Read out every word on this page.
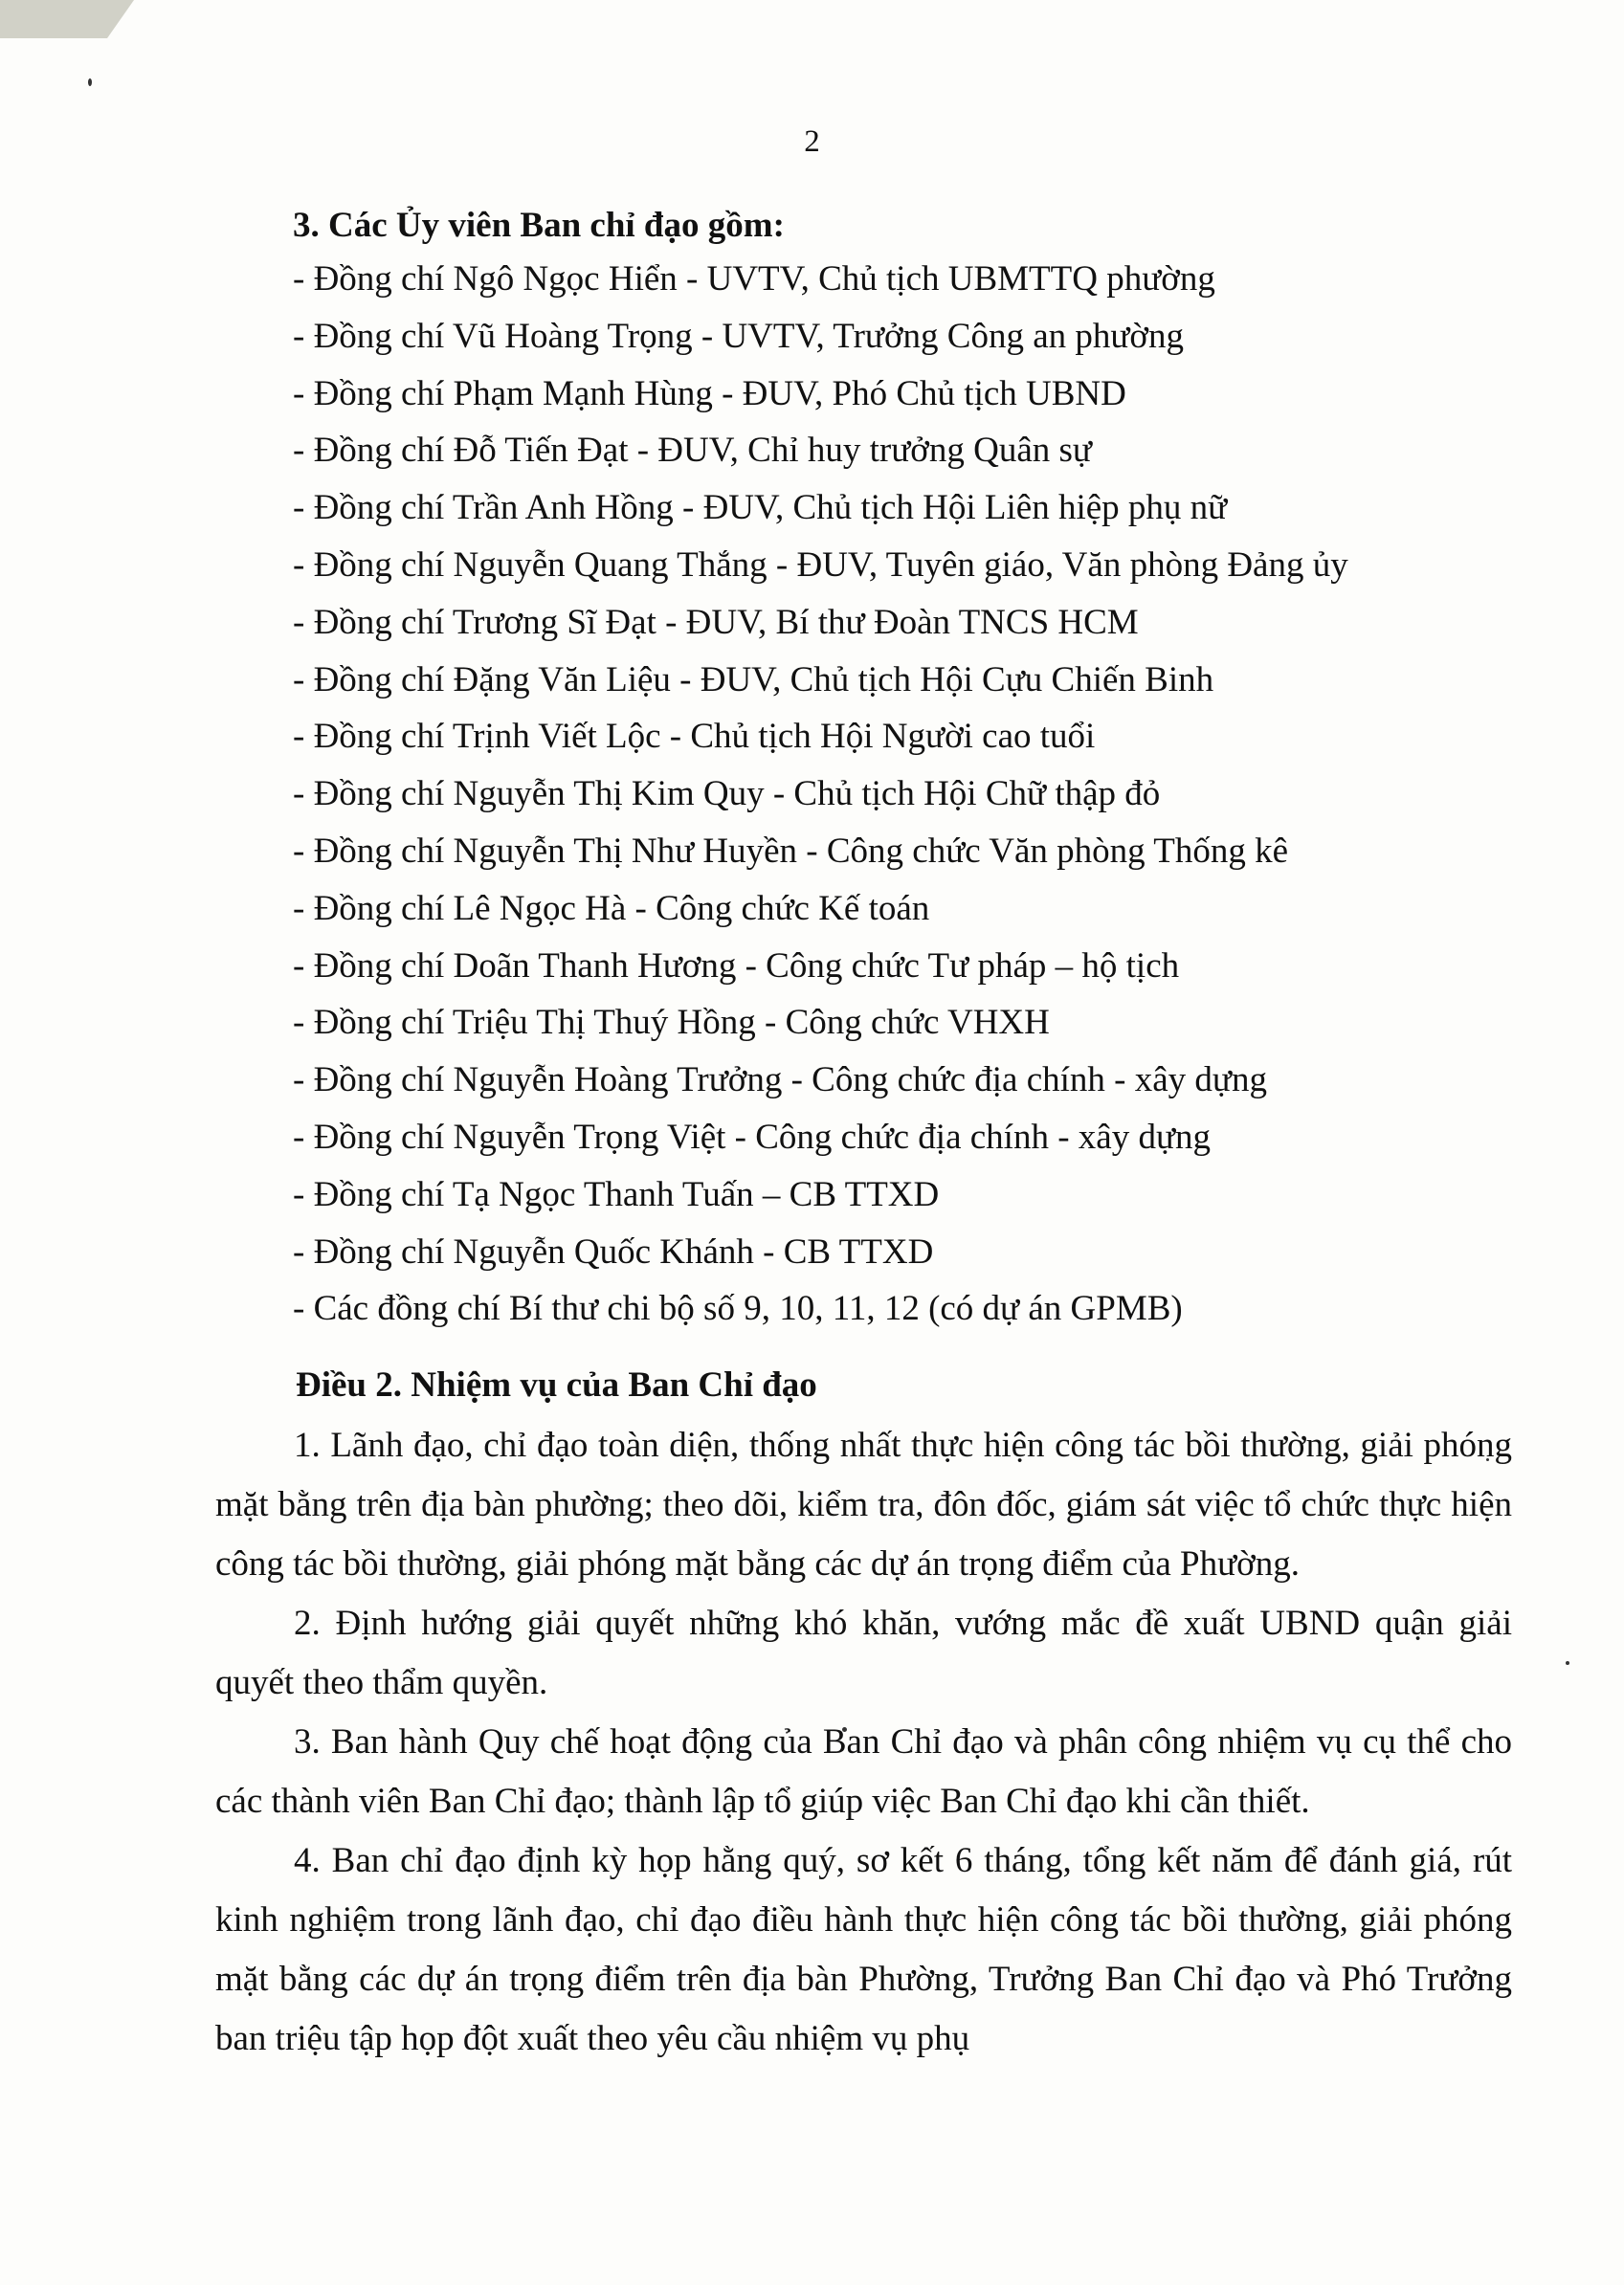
2
3. Các Ủy viên Ban chỉ đạo gồm:
- Đồng chí Ngô Ngọc Hiển - UVTV, Chủ tịch UBMTTQ phường
- Đồng chí Vũ Hoàng Trọng - UVTV, Trưởng Công an phường
- Đồng chí Phạm Mạnh Hùng - ĐUV, Phó Chủ tịch UBND
- Đồng chí Đỗ Tiến Đạt - ĐUV, Chỉ huy trưởng Quân sự
- Đồng chí Trần Anh Hồng - ĐUV, Chủ tịch Hội Liên hiệp phụ nữ
- Đồng chí Nguyễn Quang Thắng - ĐUV, Tuyên giáo, Văn phòng Đảng ủy
- Đồng chí Trương Sĩ Đạt - ĐUV, Bí thư Đoàn TNCS HCM
- Đồng chí Đặng Văn Liệu - ĐUV, Chủ tịch Hội Cựu Chiến Binh
- Đồng chí Trịnh Viết Lộc - Chủ tịch Hội Người cao tuổi
- Đồng chí Nguyễn Thị Kim Quy - Chủ tịch Hội Chữ thập đỏ
- Đồng chí Nguyễn Thị Như Huyền - Công chức Văn phòng Thống kê
- Đồng chí Lê Ngọc Hà - Công chức Kế toán
- Đồng chí Doãn Thanh Hương - Công chức Tư pháp – hộ tịch
- Đồng chí Triệu Thị Thuý Hồng - Công chức VHXH
- Đồng chí Nguyễn Hoàng Trưởng - Công chức địa chính - xây dựng
- Đồng chí Nguyễn Trọng Việt - Công chức địa chính - xây dựng
- Đồng chí Tạ Ngọc Thanh Tuấn – CB TTXD
- Đồng chí Nguyễn Quốc Khánh - CB TTXD
- Các đồng chí Bí thư chi bộ số 9, 10, 11, 12 (có dự án GPMB)
Điều 2. Nhiệm vụ của Ban Chỉ đạo

1. Lãnh đạo, chỉ đạo toàn diện, thống nhất thực hiện công tác bồi thường, giải phóng mặt bằng trên địa bàn phường; theo dõi, kiểm tra, đôn đốc, giám sát việc tổ chức thực hiện công tác bồi thường, giải phóng mặt bằng các dự án trọng điểm của Phường.

2. Định hướng giải quyết những khó khăn, vướng mắc đề xuất UBND quận giải quyết theo thẩm quyền.

3. Ban hành Quy chế hoạt động của Ban Chỉ đạo và phân công nhiệm vụ cụ thể cho các thành viên Ban Chỉ đạo; thành lập tổ giúp việc Ban Chỉ đạo khi cần thiết.

4. Ban chỉ đạo định kỳ họp hằng quý, sơ kết 6 tháng, tổng kết năm để đánh giá, rút kinh nghiệm trong lãnh đạo, chỉ đạo điều hành thực hiện công tác bồi thường, giải phóng mặt bằng các dự án trọng điểm trên địa bàn Phường, Trưởng Ban Chỉ đạo và Phó Trưởng ban triệu tập họp đột xuất theo yêu cầu nhiệm vụ phụ
